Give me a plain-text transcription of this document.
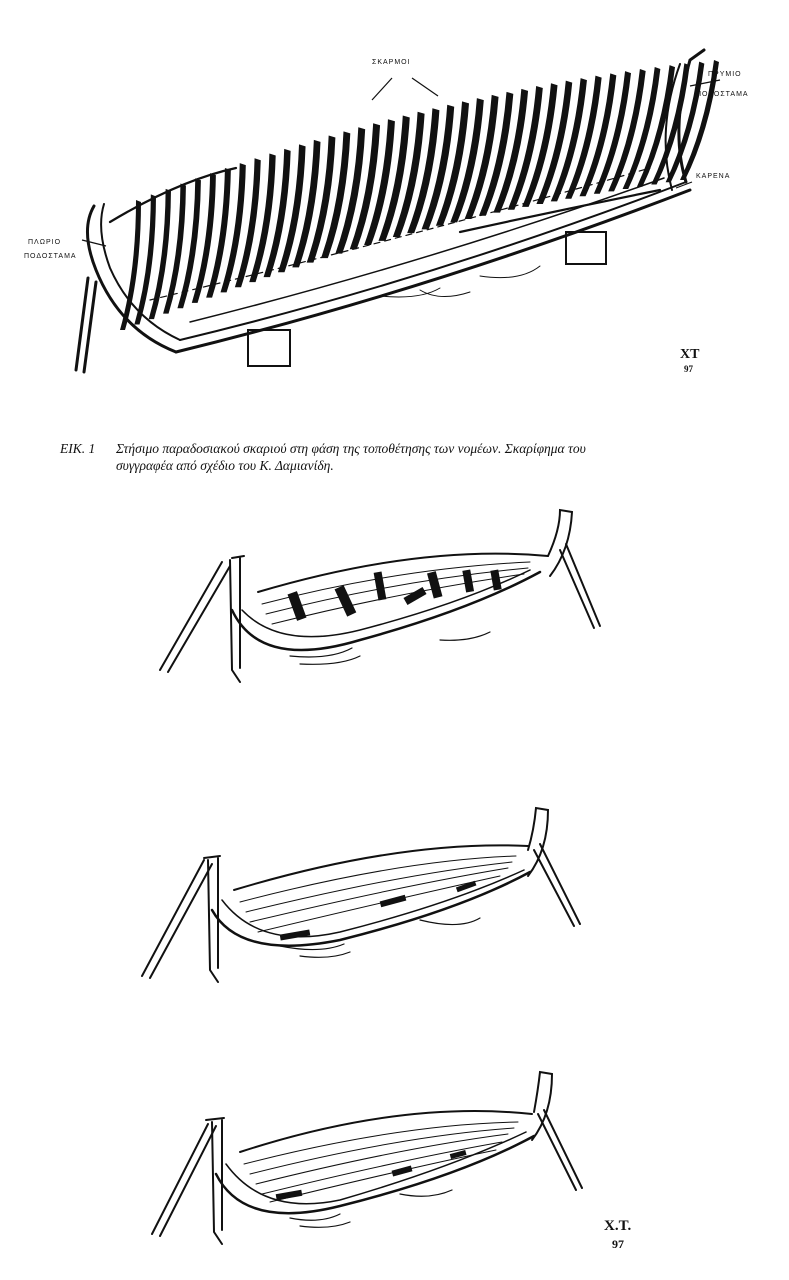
ΣΚΑΡΜΟΙ
ΠΡΥΜΙΟ
ΠΟΔΟΣΤΑΜΑ
ΚΑΡΕΝΑ
ΠΛΩΡΙΟ
ΠΟΔΟΣΤΑΜΑ
ΧΤ
97
ΕΙΚ. 1 Στήσιμο παραδοσιακού σκαριού στη φάση της τοποθέτησης των νομέων. Σκαρίφημα του
συγγραφέα από σχέδιο του Κ. Δαμιανίδη.
Χ.Τ.
97
